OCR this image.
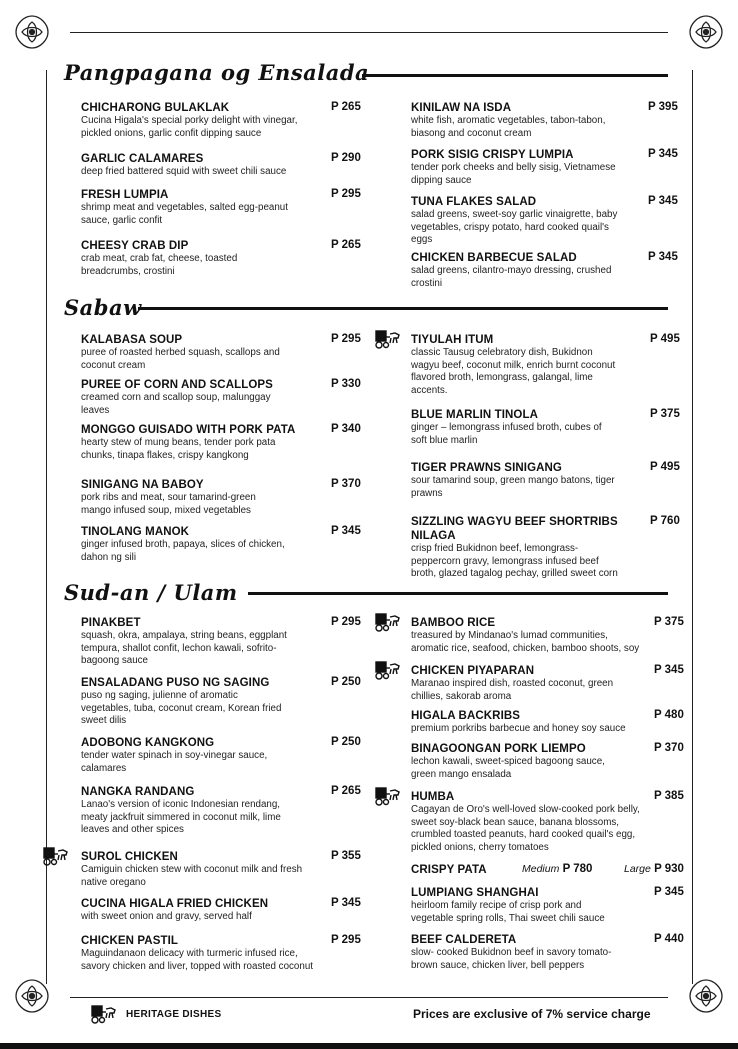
Pangpagana og Ensalada
Sabaw
Sud-an / Ulam
CHICHARONG BULAKLAK
Cucina Higala's special porky delight with vinegar,
pickled onions, garlic confit dipping sauce
P 265
GARLIC CALAMARES
deep fried battered squid with sweet chili sauce
P 290
FRESH LUMPIA
shrimp meat and vegetables, salted egg-peanut
sauce, garlic confit
P 295
CHEESY CRAB DIP
crab meat, crab fat, cheese, toasted
breadcrumbs, crostini
P 265
KINILAW NA ISDA
white fish, aromatic vegetables, tabon-tabon,
biasong and coconut cream
P 395
PORK SISIG CRISPY LUMPIA
tender pork cheeks and belly sisig, Vietnamese
dipping sauce
P 345
TUNA FLAKES SALAD
salad greens, sweet-soy garlic vinaigrette, baby
vegetables, crispy potato, hard cooked quail's
eggs
P 345
CHICKEN BARBECUE SALAD
salad greens, cilantro-mayo dressing, crushed
crostini
P 345
KALABASA SOUP
puree of roasted herbed squash, scallops and
coconut cream
P 295
PUREE OF CORN AND SCALLOPS
creamed corn and scallop soup, malunggay
leaves
P 330
MONGGO GUISADO WITH PORK PATA
hearty stew of mung beans, tender pork pata
chunks, tinapa flakes, crispy kangkong
P 340
SINIGANG NA BABOY
pork ribs and meat, sour tamarind-green
mango infused soup, mixed vegetables
P 370
TINOLANG MANOK
ginger infused broth, papaya, slices of chicken,
dahon ng sili
P 345
TIYULAH ITUM
classic Tausug celebratory dish, Bukidnon
wagyu beef, coconut milk, enrich burnt coconut
flavored broth, lemongrass, galangal, lime
accents.
P 495
BLUE MARLIN TINOLA
ginger – lemongrass infused broth, cubes of
soft blue marlin
P 375
TIGER PRAWNS SINIGANG
sour tamarind soup, green mango batons, tiger
prawns
P 495
SIZZLING WAGYU BEEF SHORTRIBS NILAGA
crisp fried Bukidnon beef, lemongrass-
peppercorn gravy, lemongrass infused beef
broth, glazed tagalog pechay, grilled sweet corn
P 760
PINAKBET
squash, okra, ampalaya, string beans, eggplant
tempura, shallot confit, lechon kawali, sofrito-
bagoong sauce
P 295
ENSALADANG PUSO NG SAGING
puso ng saging, julienne of aromatic
vegetables, tuba, coconut cream, Korean fried
sweet dilis
P 250
ADOBONG KANGKONG
tender water spinach in soy-vinegar sauce,
calamares
P 250
NANGKA RANDANG
Lanao's version of iconic Indonesian rendang,
meaty jackfruit simmered in coconut milk, lime
leaves and other spices
P 265
SUROL CHICKEN
Camiguin chicken stew with coconut milk and fresh
native oregano
P 355
CUCINA HIGALA FRIED CHICKEN
with sweet onion and gravy, served half
P 345
CHICKEN PASTIL
Maguindanaon delicacy with turmeric infused rice,
savory chicken and liver, topped with roasted coconut
P 295
BAMBOO RICE
treasured by Mindanao's lumad communities,
aromatic rice, seafood, chicken, bamboo shoots, soy
P 375
CHICKEN PIYAPARAN
Maranao inspired dish, roasted coconut, green
chillies, sakorab aroma
P 345
HIGALA BACKRIBS
premium porkribs barbecue and honey soy sauce
P 480
BINAGOONGAN PORK LIEMPO
lechon kawali, sweet-spiced bagoong sauce,
green mango ensalada
P 370
HUMBA
Cagayan de Oro's well-loved slow-cooked pork belly,
sweet soy-black bean sauce, banana blossoms,
crumbled toasted peanuts, hard cooked quail's egg,
pickled onions, cherry tomatoes
P 385
CRISPY PATA
LUMPIANG SHANGHAI
heirloom family recipe of crisp pork and
vegetable spring rolls, Thai sweet chili sauce
P 345
BEEF CALDERETA
slow- cooked Bukidnon beef in savory tomato-
brown sauce, chicken liver, bell peppers
P 440
Medium P 780	Large P 930
HERITAGE DISHES	Prices are exclusive of 7% service charge
